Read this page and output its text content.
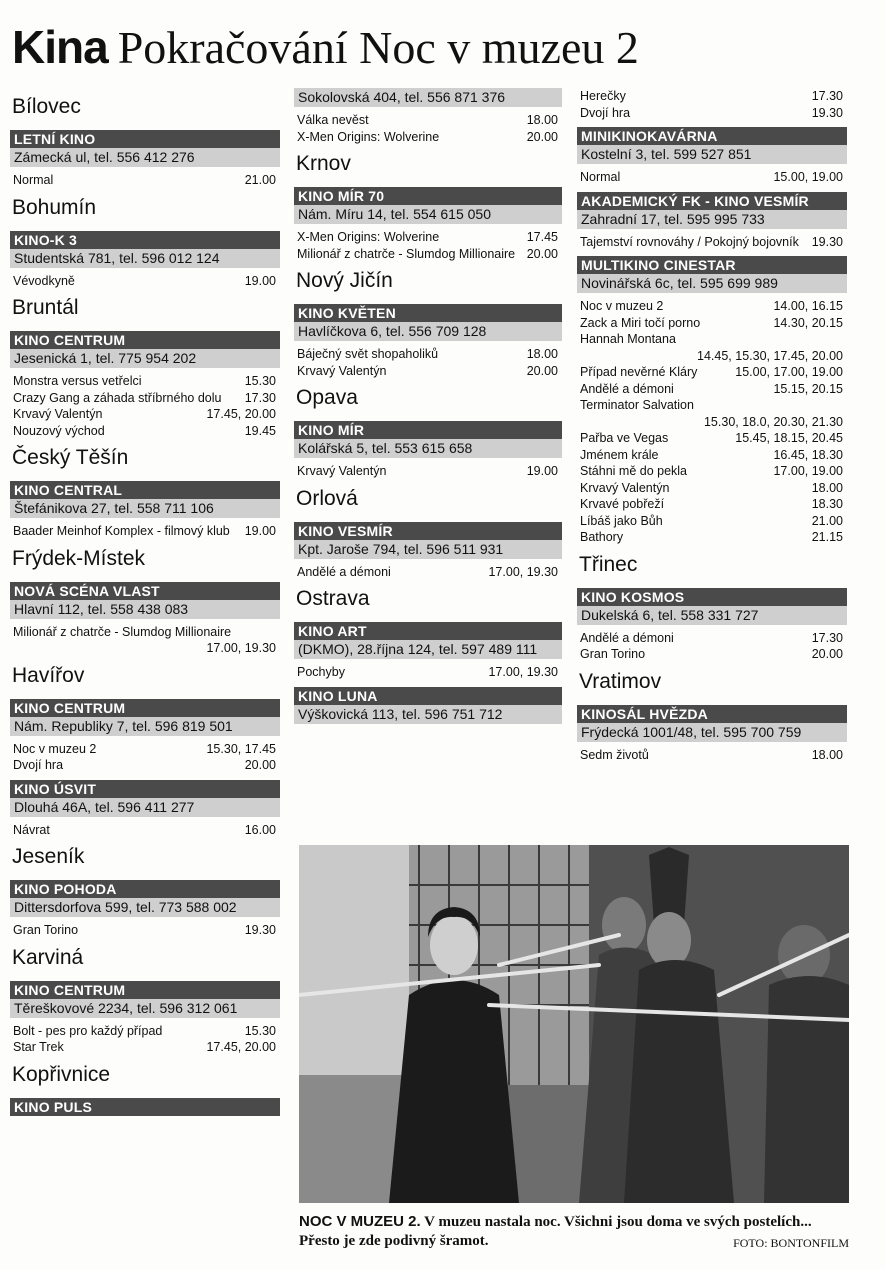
Kina Pokračování Noc v muzeu 2
Bílovec
LETNÍ KINO
Zámecká ul, tel. 556 412 276
Normal	21.00
Bohumín
KINO-K 3
Studentská 781, tel. 596 012 124
Vévodkyně	19.00
Bruntál
KINO CENTRUM
Jesenická 1, tel. 775 954 202
Monstra versus vetřelci	15.30
Crazy Gang a záhada stříbrného dolu 17.30
Krvavý Valentýn	17.45, 20.00
Nouzový východ	19.45
Český Těšín
KINO CENTRAL
Štefánikova 27, tel. 558 711 106
Baader Meinhof Komplex - filmový klub 19.00
Frýdek-Místek
NOVÁ SCÉNA VLAST
Hlavní 112, tel. 558 438 083
Milionář z chatrče - Slumdog Millionaire
17.00, 19.30
Havířov
KINO CENTRUM
Nám. Republiky 7, tel. 596 819 501
Noc v muzeu 2	15.30, 17.45
Dvojí hra	20.00
KINO ÚSVIT
Dlouhá 46A, tel. 596 411 277
Návrat	16.00
Jeseník
KINO POHODA
Dittersdorfova 599, tel. 773 588 002
Gran Torino	19.30
Karviná
KINO CENTRUM
Těreškovové 2234, tel. 596 312 061
Bolt - pes pro každý případ	15.30
Star Trek	17.45, 20.00
Kopřivnice
KINO PULS
Sokolovská 404, tel. 556 871 376
Válka nevěst	18.00
X-Men Origins: Wolverine	20.00
Krnov
KINO MÍR 70
Nám. Míru 14, tel. 554 615 050
X-Men Origins: Wolverine	17.45
Milionář z chatrče - Slumdog Millionaire 20.00
Nový Jičín
KINO KVĚTEN
Havlíčkova 6, tel. 556 709 128
Báječný svět shopaholiků	18.00
Krvavý Valentýn	20.00
Opava
KINO MÍR
Kolářská 5, tel. 553 615 658
Krvavý Valentýn	19.00
Orlová
KINO VESMÍR
Kpt. Jaroše 794, tel. 596 511 931
Andělé a démoni	17.00, 19.30
Ostrava
KINO ART
(DKMO), 28.října 124, tel. 597 489 111
Pochyby	17.00, 19.30
KINO LUNA
Výškovická 113, tel. 596 751 712
Herečky	17.30
Dvojí hra	19.30
MINIKINOKAVÁRNA
Kostelní 3, tel. 599 527 851
Normal	15.00, 19.00
AKADEMICKÝ FK - KINO VESMÍR
Zahradní 17, tel. 595 995 733
Tajemství rovnováhy / Pokojný bojovník 19.30
MULTIKINO CINESTAR
Novinářská 6c, tel. 595 699 989
Noc v muzeu 2	14.00, 16.15
Zack a Miri točí porno	14.30, 20.15
Hannah Montana
14.45, 15.30, 17.45, 20.00
Případ nevěrné Kláry	15.00, 17.00, 19.00
Andělé a démoni	15.15, 20.15
Terminator Salvation
15.30, 18.0, 20.30, 21.30
Pařba ve Vegas	15.45, 18.15, 20.45
Jménem krále	16.45, 18.30
Stáhni mě do pekla	17.00, 19.00
Krvavý Valentýn	18.00
Krvavé pobřeží	18.30
Líbáš jako Bůh	21.00
Bathory	21.15
Třinec
KINO KOSMOS
Dukelská 6, tel. 558 331 727
Andělé a démoni	17.30
Gran Torino	20.00
Vratimov
KINOSÁL HVĚZDA
Frýdecká 1001/48, tel. 595 700 759
Sedm životů	18.00
NOC V MUZEU 2. V muzeu nastala noc. Všichni jsou doma ve svých postelích... Přesto je zde podivný šramot.	FOTO: BONTONFILM
